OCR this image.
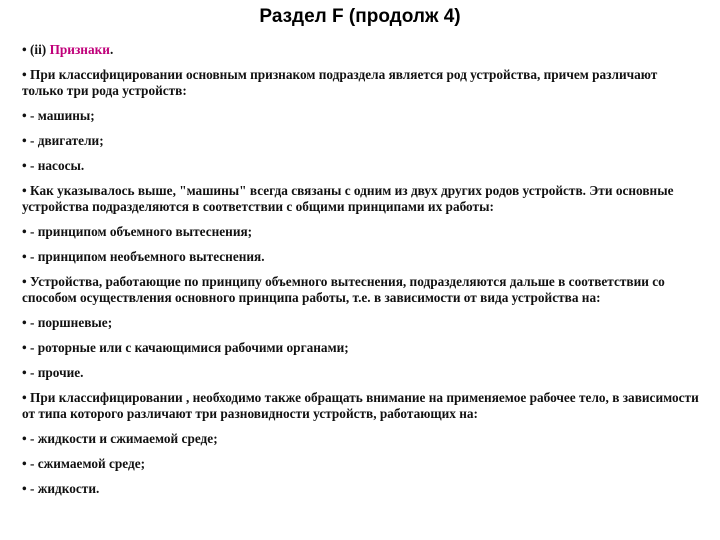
Раздел F (продолж 4)

• (ii) Признаки.

• При классифицировании основным признаком подраздела является род устройства, причем различают только три рода устройств:

• - машины;

• - двигатели;

• - насосы.

• Как указывалось выше, "машины" всегда связаны с одним из двух других родов устройств. Эти основные устройства подразделяются в соответствии с общими принципами их работы:

• - принципом объемного вытеснения;

• - принципом необъемного вытеснения.

• Устройства, работающие по принципу объемного вытеснения, подразделяются дальше в соответствии со способом осуществления основного принципа работы, т.е. в зависимости от вида устройства на:

• - поршневые;

• - роторные или с качающимися рабочими органами;

• - прочие.

• При классифицировании , необходимо также обращать внимание на применяемое рабочее тело, в зависимости от типа которого различают три разновидности устройств, работающих на:

• - жидкости и сжимаемой среде;

• - сжимаемой среде;

• - жидкости.
